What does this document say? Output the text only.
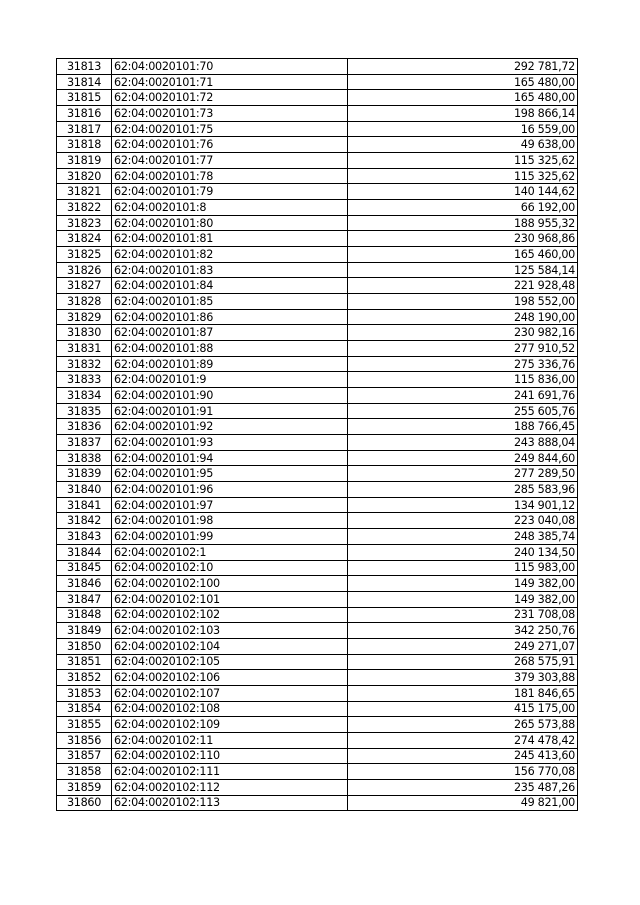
31813	62:04:0020101:70	292 781,72
31814	62:04:0020101:71	165 480,00
31815	62:04:0020101:72	165 480,00
31816	62:04:0020101:73	198 866,14
31817	62:04:0020101:75	16 559,00
31818	62:04:0020101:76	49 638,00
31819	62:04:0020101:77	115 325,62
31820	62:04:0020101:78	115 325,62
31821	62:04:0020101:79	140 144,62
31822	62:04:0020101:8	66 192,00
31823	62:04:0020101:80	188 955,32
31824	62:04:0020101:81	230 968,86
31825	62:04:0020101:82	165 460,00
31826	62:04:0020101:83	125 584,14
31827	62:04:0020101:84	221 928,48
31828	62:04:0020101:85	198 552,00
31829	62:04:0020101:86	248 190,00
31830	62:04:0020101:87	230 982,16
31831	62:04:0020101:88	277 910,52
31832	62:04:0020101:89	275 336,76
31833	62:04:0020101:9	115 836,00
31834	62:04:0020101:90	241 691,76
31835	62:04:0020101:91	255 605,76
31836	62:04:0020101:92	188 766,45
31837	62:04:0020101:93	243 888,04
31838	62:04:0020101:94	249 844,60
31839	62:04:0020101:95	277 289,50
31840	62:04:0020101:96	285 583,96
31841	62:04:0020101:97	134 901,12
31842	62:04:0020101:98	223 040,08
31843	62:04:0020101:99	248 385,74
31844	62:04:0020102:1	240 134,50
31845	62:04:0020102:10	115 983,00
31846	62:04:0020102:100	149 382,00
31847	62:04:0020102:101	149 382,00
31848	62:04:0020102:102	231 708,08
31849	62:04:0020102:103	342 250,76
31850	62:04:0020102:104	249 271,07
31851	62:04:0020102:105	268 575,91
31852	62:04:0020102:106	379 303,88
31853	62:04:0020102:107	181 846,65
31854	62:04:0020102:108	415 175,00
31855	62:04:0020102:109	265 573,88
31856	62:04:0020102:11	274 478,42
31857	62:04:0020102:110	245 413,60
31858	62:04:0020102:111	156 770,08
31859	62:04:0020102:112	235 487,26
31860	62:04:0020102:113	49 821,00
